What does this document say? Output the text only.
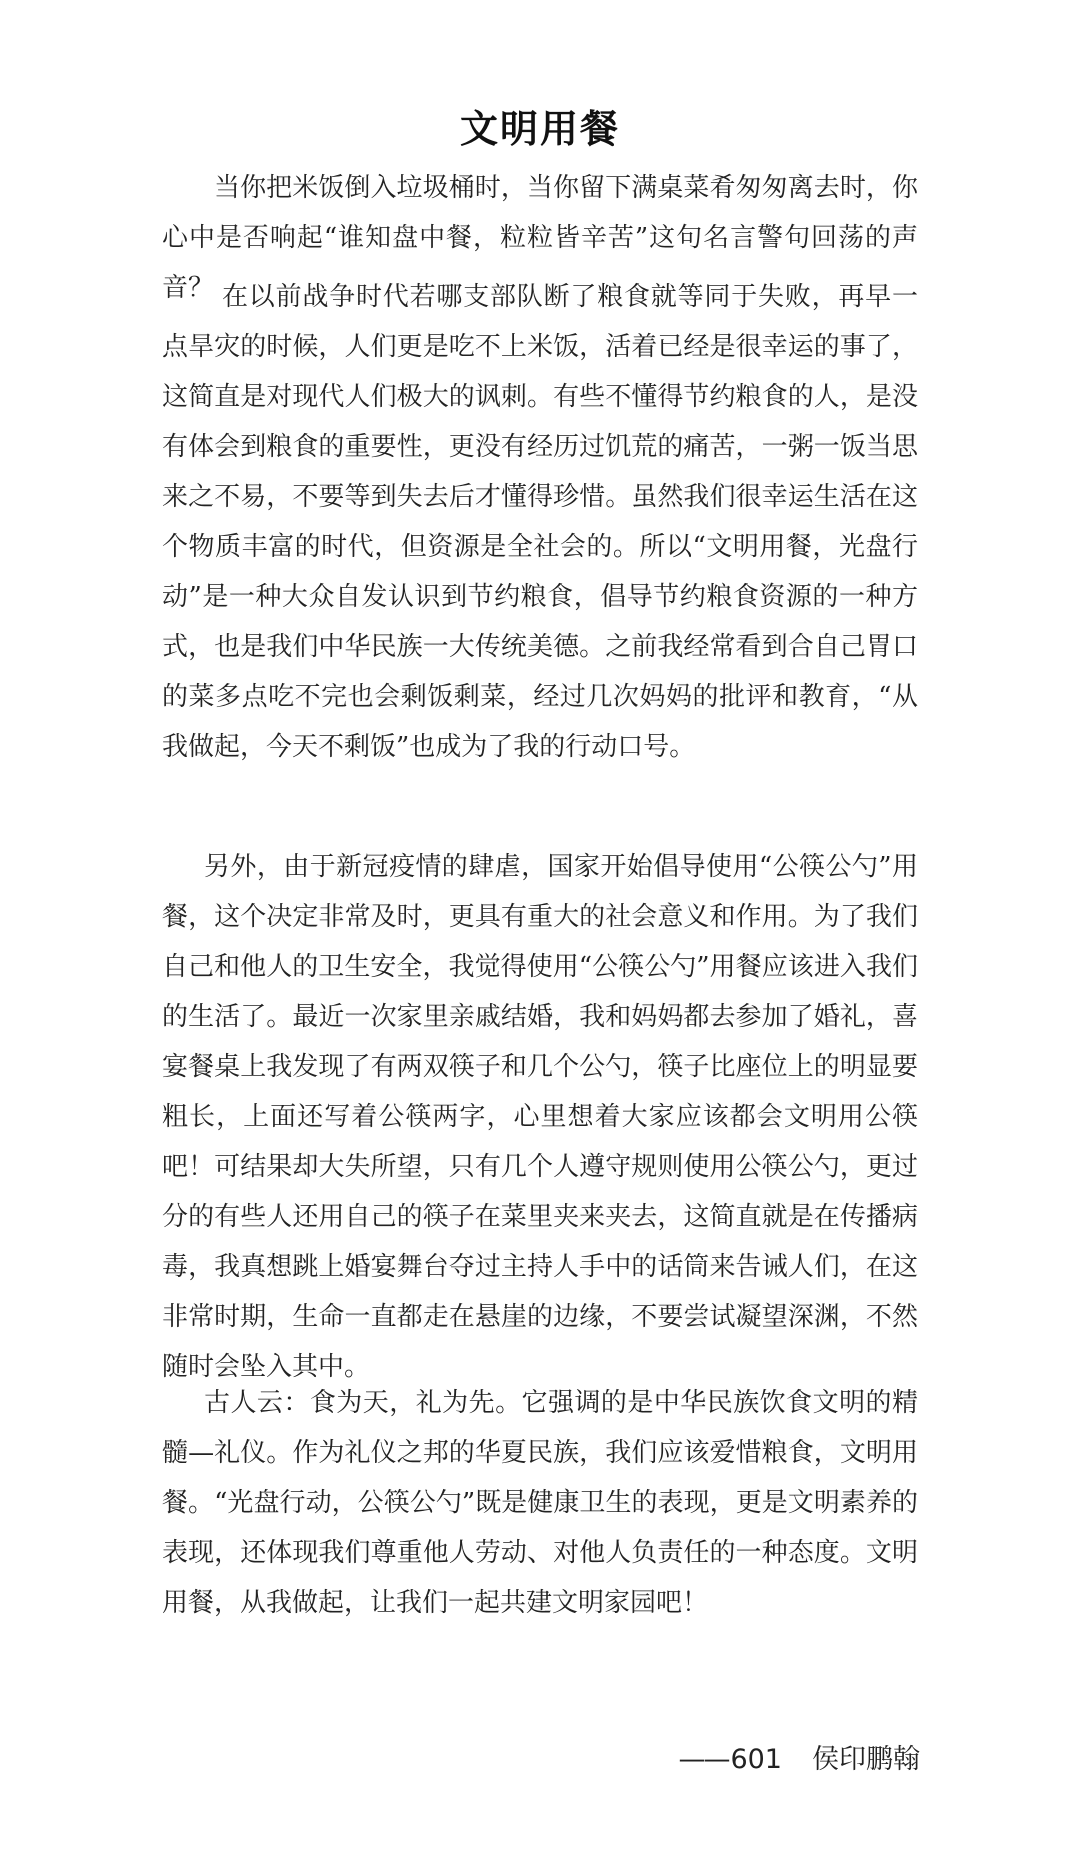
文明用餐

当你把米饭倒入垃圾桶时，当你留下满桌菜肴匆匆离去时，你心中是否响起“谁知盘中餐，粒粒皆辛苦”这句名言警句回荡的声音？ 在以前战争时代若哪支部队断了粮食就等同于失败，再早一点旱灾的时候，人们更是吃不上米饭，活着已经是很幸运的事了，这简直是对现代人们极大的讽刺。有些不懂得节约粮食的人，是没有体会到粮食的重要性，更没有经历过饥荒的痛苦，一粥一饭当思来之不易，不要等到失去后才懂得珍惜。虽然我们很幸运生活在这个物质丰富的时代，但资源是全社会的。所以“文明用餐，光盘行动”是一种大众自发认识到节约粮食，倡导节约粮食资源的一种方式，也是我们中华民族一大传统美德。之前我经常看到合自己胃口的菜多点吃不完也会剩饭剩菜，经过几次妈妈的批评和教育，“从我做起，今天不剩饭”也成为了我的行动口号。

另外，由于新冠疫情的肆虐，国家开始倡导使用“公筷公勺”用餐，这个决定非常及时，更具有重大的社会意义和作用。为了我们自己和他人的卫生安全，我觉得使用“公筷公勺”用餐应该进入我们的生活了。最近一次家里亲戚结婚，我和妈妈都去参加了婚礼，喜宴餐桌上我发现了有两双筷子和几个公勺，筷子比座位上的明显要粗长，上面还写着公筷两字，心里想着大家应该都会文明用公筷吧！可结果却大失所望，只有几个人遵守规则使用公筷公勺，更过分的有些人还用自己的筷子在菜里夹来夹去，这简直就是在传播病毒，我真想跳上婚宴舞台夺过主持人手中的话筒来告诫人们，在这非常时期，生命一直都走在悬崖的边缘，不要尝试凝望深渊，不然随时会坠入其中。

古人云：食为天，礼为先。它强调的是中华民族饮食文明的精髓—礼仪。作为礼仪之邦的华夏民族，我们应该爱惜粮食，文明用餐。“光盘行动，公筷公勺”既是健康卫生的表现，更是文明素养的表现，还体现我们尊重他人劳动、对他人负责任的一种态度。文明用餐，从我做起，让我们一起共建文明家园吧！

——601 侯印鹏翰
